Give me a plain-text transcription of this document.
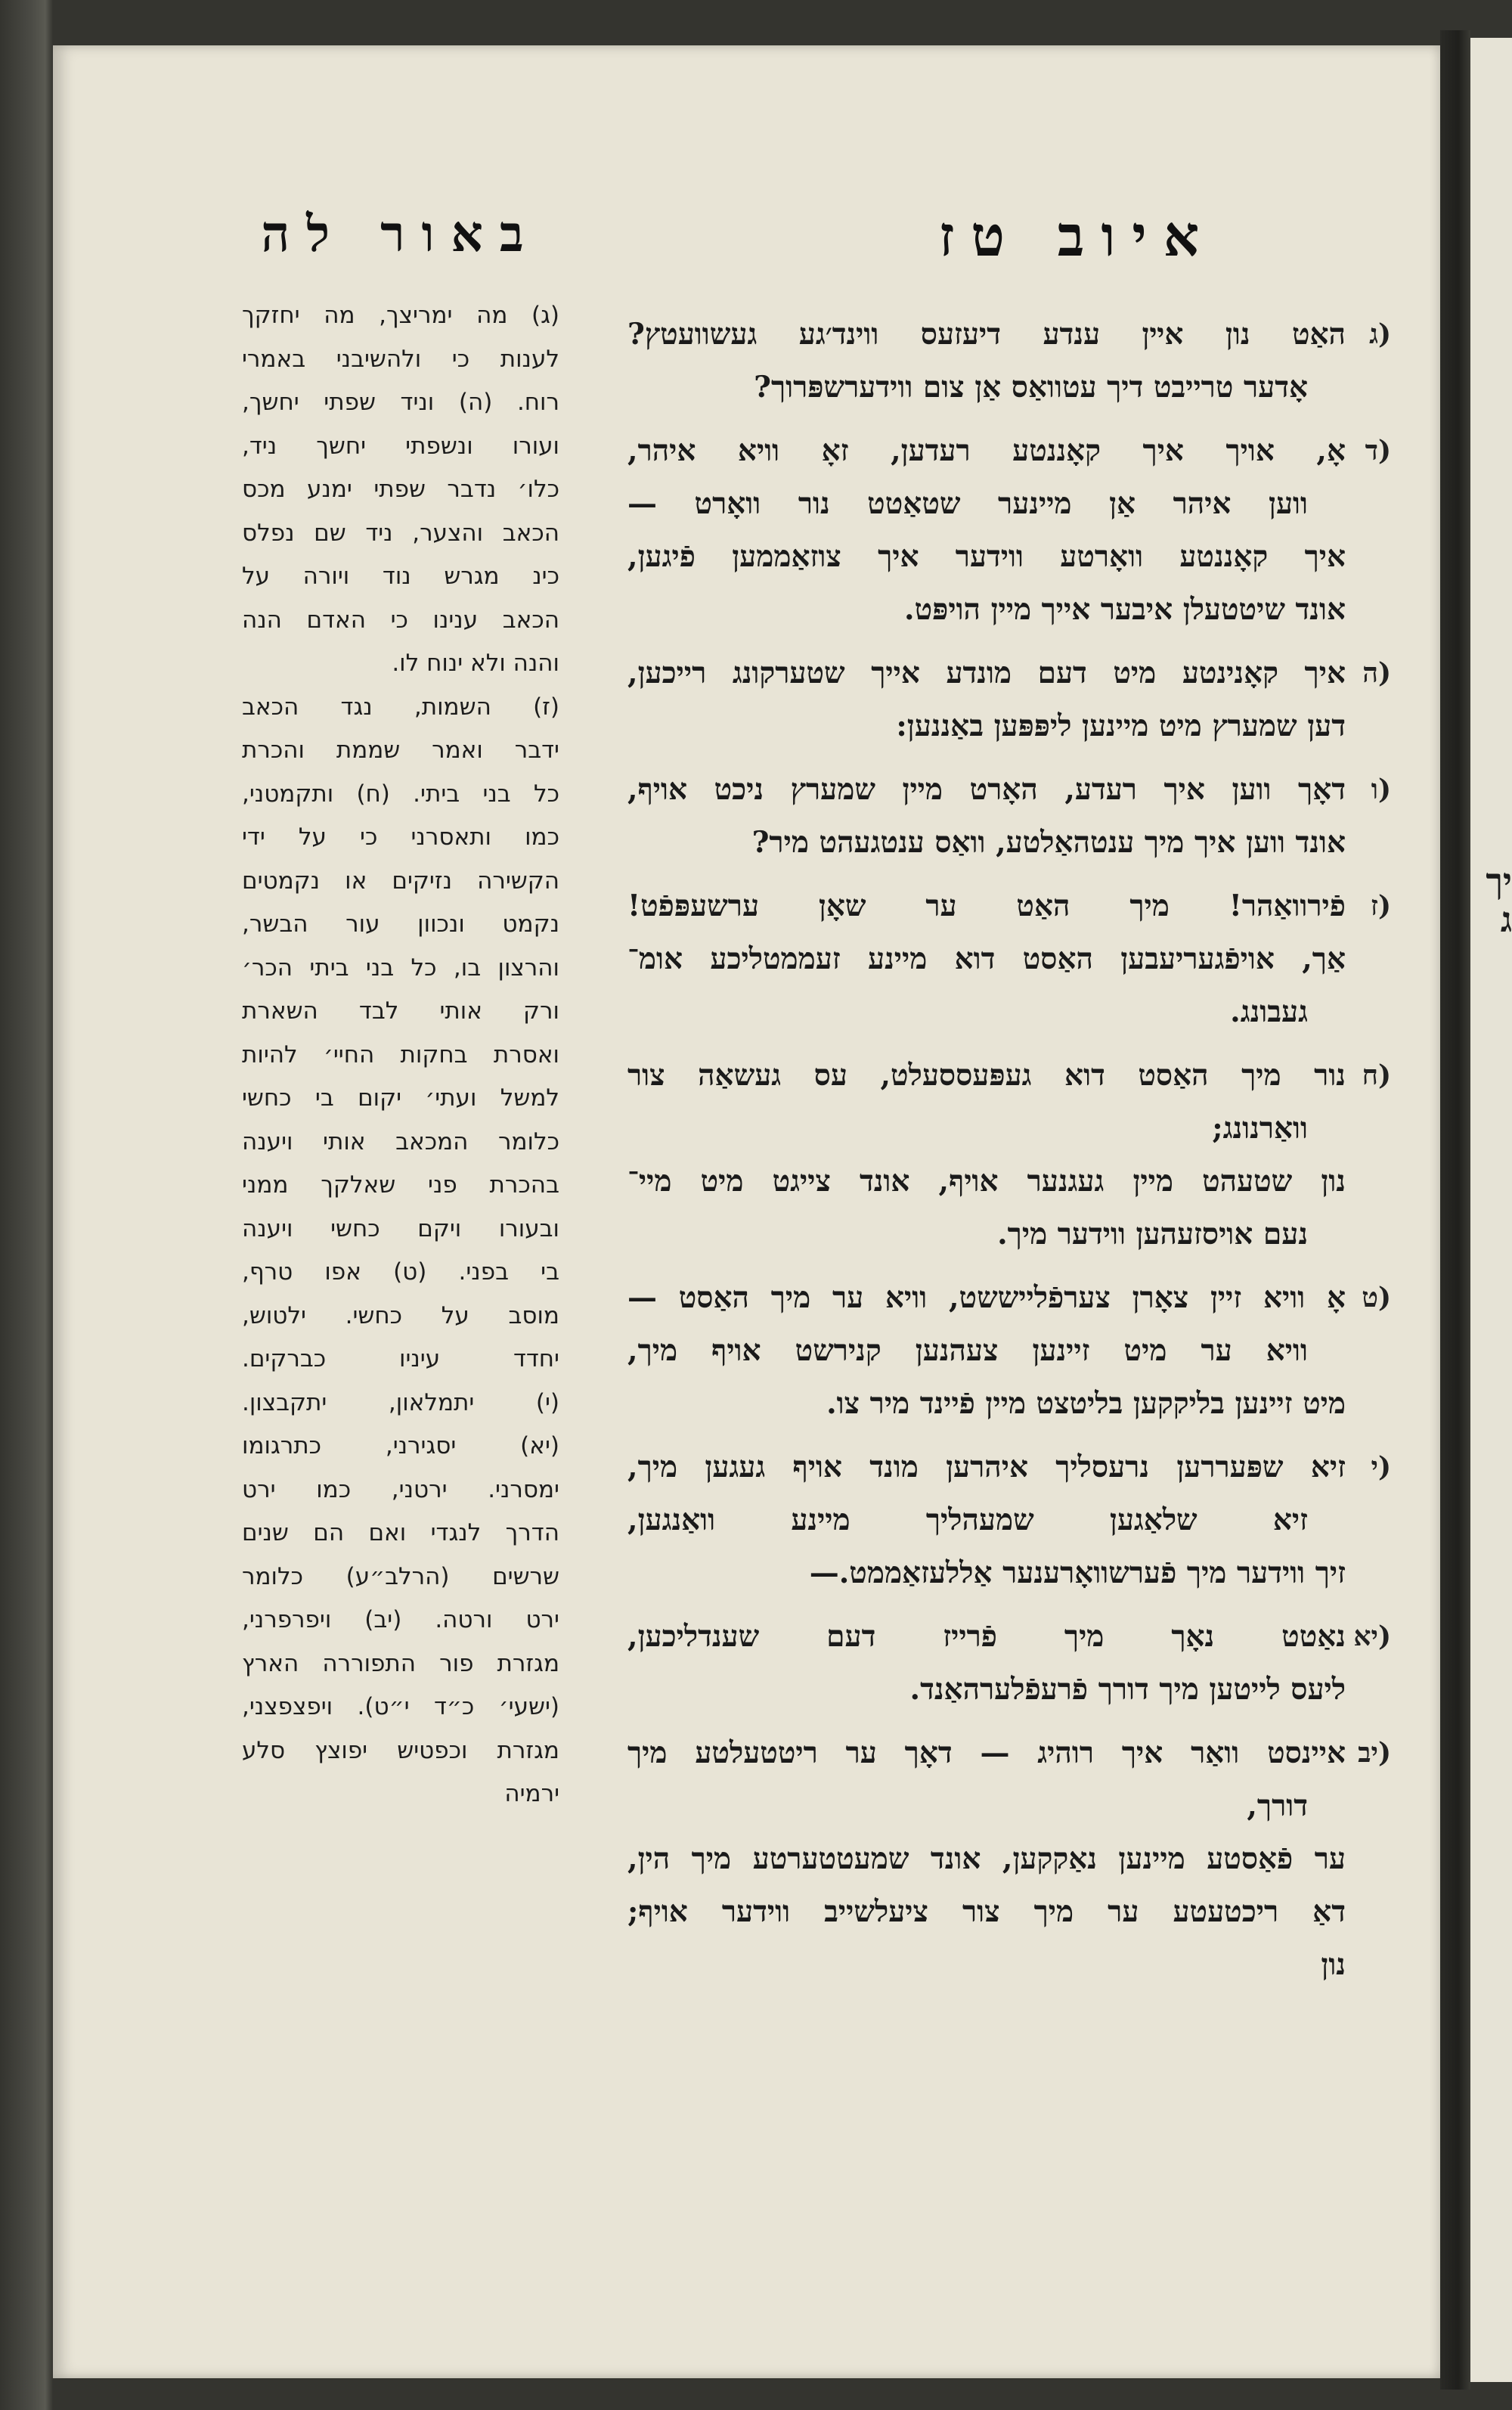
יך ג
איוב טז
(ג
האַט נון אײן ענדע דיעזעס ווינד׳גע געשוועטץ?
אָדער טרייבט דיך עטוואַס אַן צום ווידערשפּרוך?
(ד
אָ, אויך איך קאָננטע רעדען, זאָ וויא איהר,
ווען איהר אַן מיינער שטאַטט נור וואָרט —
איך קאָננטע וואָרטע ווידער איך צוזאַממען פֿיגען,
אונד שיטטעלן איבער אייך מיין הויפּט.
(ה
איך קאָנינטע מיט דעם מונדע אייך שטערקונג רייכען,
דען שמערץ מיט מיינען ליפּפּען באַננען:
(ו
דאָך ווען איך רעדע, האָרט מיין שמערץ ניכט אויף,
אונד ווען איך מיך ענטהאַלטע, וואַס ענטגעהט מיר?
(ז
פֿירוואַהר! מיך האַט ער שאָן ערשעפּפֿט!
אַך, אויפֿגעריעבען האַסט דוא מיינע זעממטליכע אומ־
געבונג.
(ח
נור מיך האַסט דוא געפּעססעלט, עס געשאַה צור
וואַרנונג;
נון שטעהט מיין געגנער אויף, אונד צייגט מיט מיי־
נעם אויסזעהען ווידער מיך.
(ט
אָ וויא זיין צאָרן צערפֿלייששט, וויא ער מיך האַסט —
וויא ער מיט זיינען צעהנען קנירשט אויף מיך,
מיט זיינען בליקקען בליטצט מיין פֿיינד מיר צו.
(י
זיא שפּעררען נרעסליך איהרען מונד אויף געגען מיך,
זיא שלאַגען שמעהליך מיינע וואַנגען,
זיך ווידער מיך פֿערשוואָרענער אַללעזאַממט.—
(יא
נאַטט נאָך מיך פֿרייז דעם שענדליכען,
ליעס לייטען מיך דורך פֿרעפֿלערהאַנד.
(יב
איינסט וואַר איך רוהיג — דאָך ער ריטטעלטע מיך
דורך,
ער פֿאַסטע מיינען נאַקקען, אונד שמעטטערטע מיך הין,
דאַ ריכטעטע ער מיך צור ציעלשייב ווידער אויף;
נון
באור לה
(ג) מה ימריצך, מה יחזקך
לענות כי ולהשיבני באמרי
רוח. (ה) וניד שפתי יחשך,
ועורו ונשפתי יחשך ניד,
כלו׳ נדבר שפתי ימנע מכס
הכאב והצער, ניד שם נפלס
כינ מגרש נוד ויורה על
הכאב ענינו כי האדם הנה
והנה ולא ינוח לו.
(ז) השמות, נגד הכאב
ידבר ואמר שממת והכרת
כל בני ביתי. (ח) ותקמטני,
כמו ותאסרני כי על ידי
הקשירה נזיקים או נקמטים
נקמט ונכוון עור הבשר,
והרצון בו, כל בני ביתי הכר׳
ורק אותי לבד השארת
ואסרת בחקות החיי׳ להיות
למשל ועתי׳ יקום בי כחשי
כלומר המכאב אותי ויענה
בהכרת פני שאלקך ממני
ובעורו ויקם כחשי ויענה
בי בפני. (ט) אפו טרף,
מוסב על כחשי. ילטוש,
יחדד עיניו כברקים.
(י) יתמלאון, יתקבצון.
(יא) יסגירני, כתרגומו
ימסרני. ירטני, כמו ירט
הדרך לנגדי ואם הם שנים
שרשים (הרלב״ע) כלומר
ירט ורטה. (יב) ויפרפרני,
מגזרת פור התפוררה הארץ
(ישעי׳ כ״ד י״ט). ויפצפצני,
מגזרת וכפטיש יפוצץ סלע
ירמיה
